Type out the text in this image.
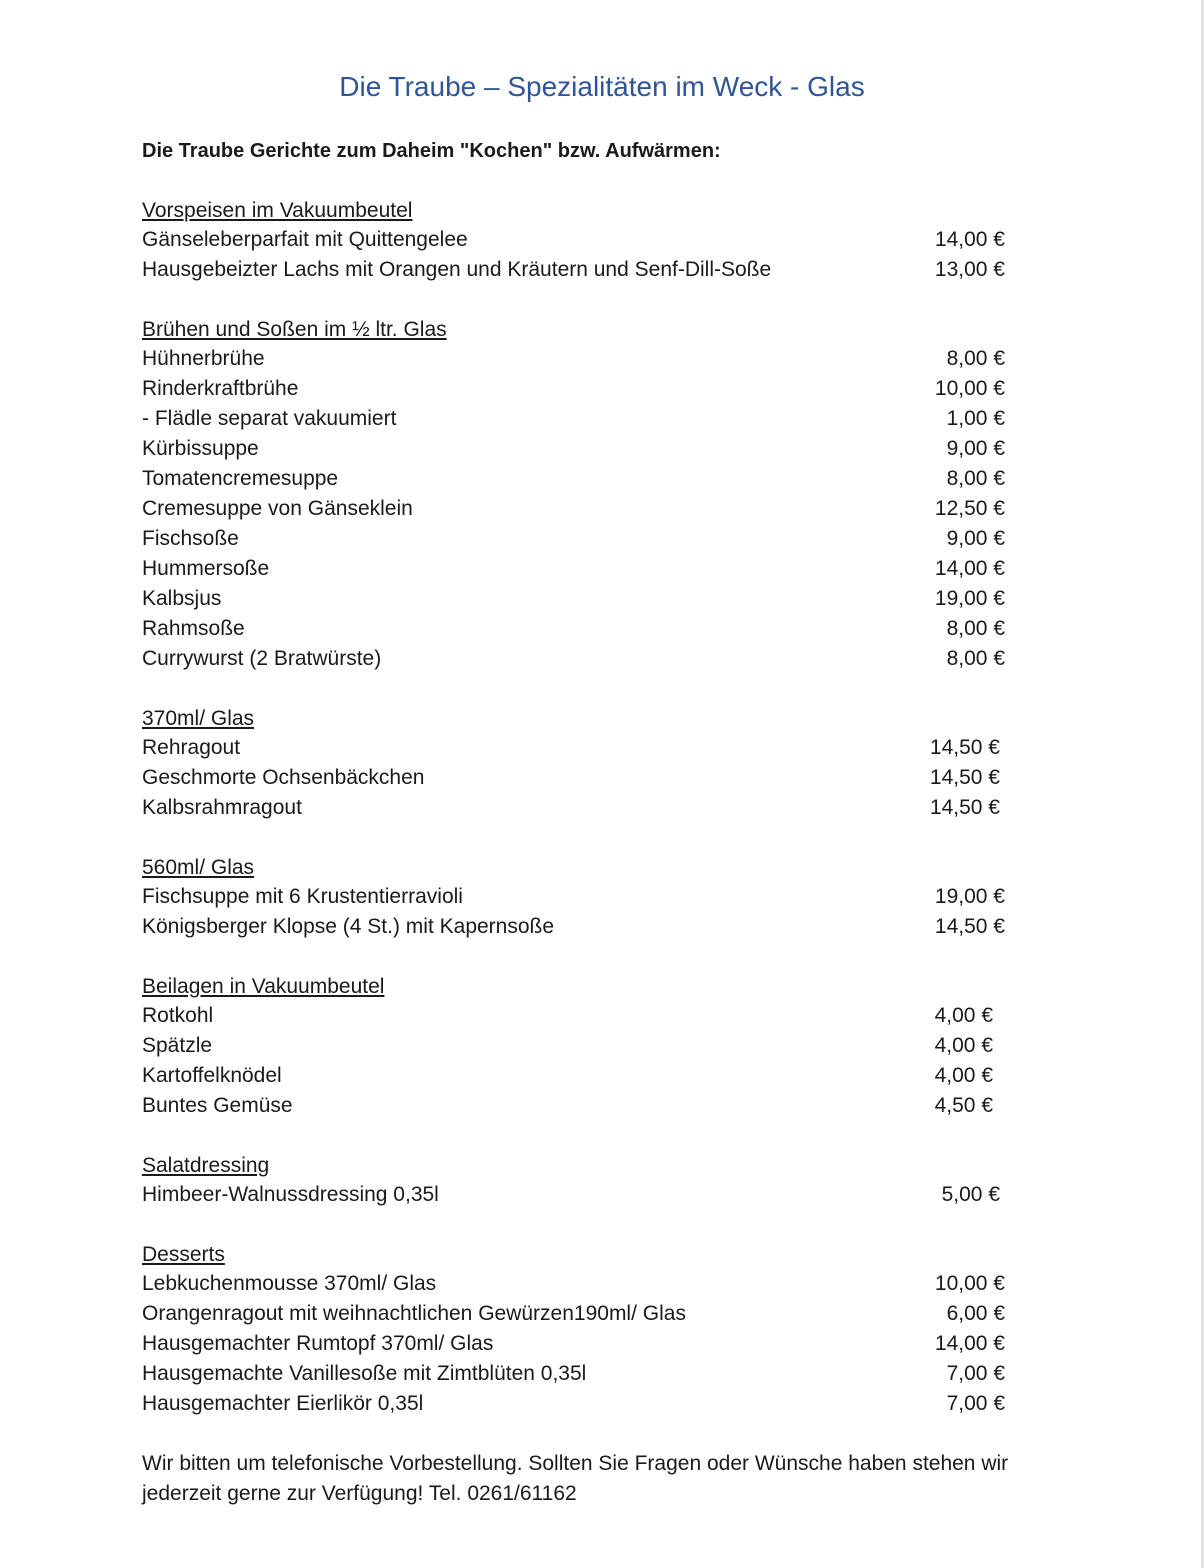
Die Traube – Spezialitäten im Weck - Glas
Die Traube Gerichte zum Daheim "Kochen" bzw. Aufwärmen:
Vorspeisen im Vakuumbeutel
Gänseleberparfait mit Quittengelee	14,00 €
Hausgebeizter Lachs mit Orangen und Kräutern und Senf-Dill-Soße	13,00 €
Brühen und Soßen im ½ ltr. Glas
Hühnerbrühe	8,00 €
Rinderkraftbrühe	10,00 €
- Flädle separat vakuumiert	1,00 €
Kürbissuppe	9,00 €
Tomatencremesuppe	8,00 €
Cremesuppe von Gänseklein	12,50 €
Fischsoße	9,00 €
Hummersoße	14,00 €
Kalbsjus	19,00 €
Rahmsoße	8,00 €
Currywurst (2 Bratwürste)	8,00 €
370ml/ Glas
Rehragout	14,50 €
Geschmorte Ochsenbäckchen	14,50 €
Kalbsrahmragout	14,50 €
560ml/ Glas
Fischsuppe mit 6 Krustentierravioli	19,00 €
Königsberger Klopse (4 St.) mit Kapernsoße	14,50 €
Beilagen in Vakuumbeutel
Rotkohl	4,00 €
Spätzle	4,00 €
Kartoffelknödel	4,00 €
Buntes Gemüse	4,50 €
Salatdressing
Himbeer-Walnussdressing 0,35l	5,00 €
Desserts
Lebkuchenmousse 370ml/ Glas	10,00 €
Orangenragout mit weihnachtlichen Gewürzen190ml/ Glas	6,00 €
Hausgemachter Rumtopf 370ml/ Glas	14,00 €
Hausgemachte Vanillesoße mit Zimtblüten 0,35l	7,00 €
Hausgemachter Eierlikör 0,35l	7,00 €
Wir bitten um telefonische Vorbestellung. Sollten Sie Fragen oder Wünsche haben stehen wir jederzeit gerne zur Verfügung! Tel. 0261/61162
